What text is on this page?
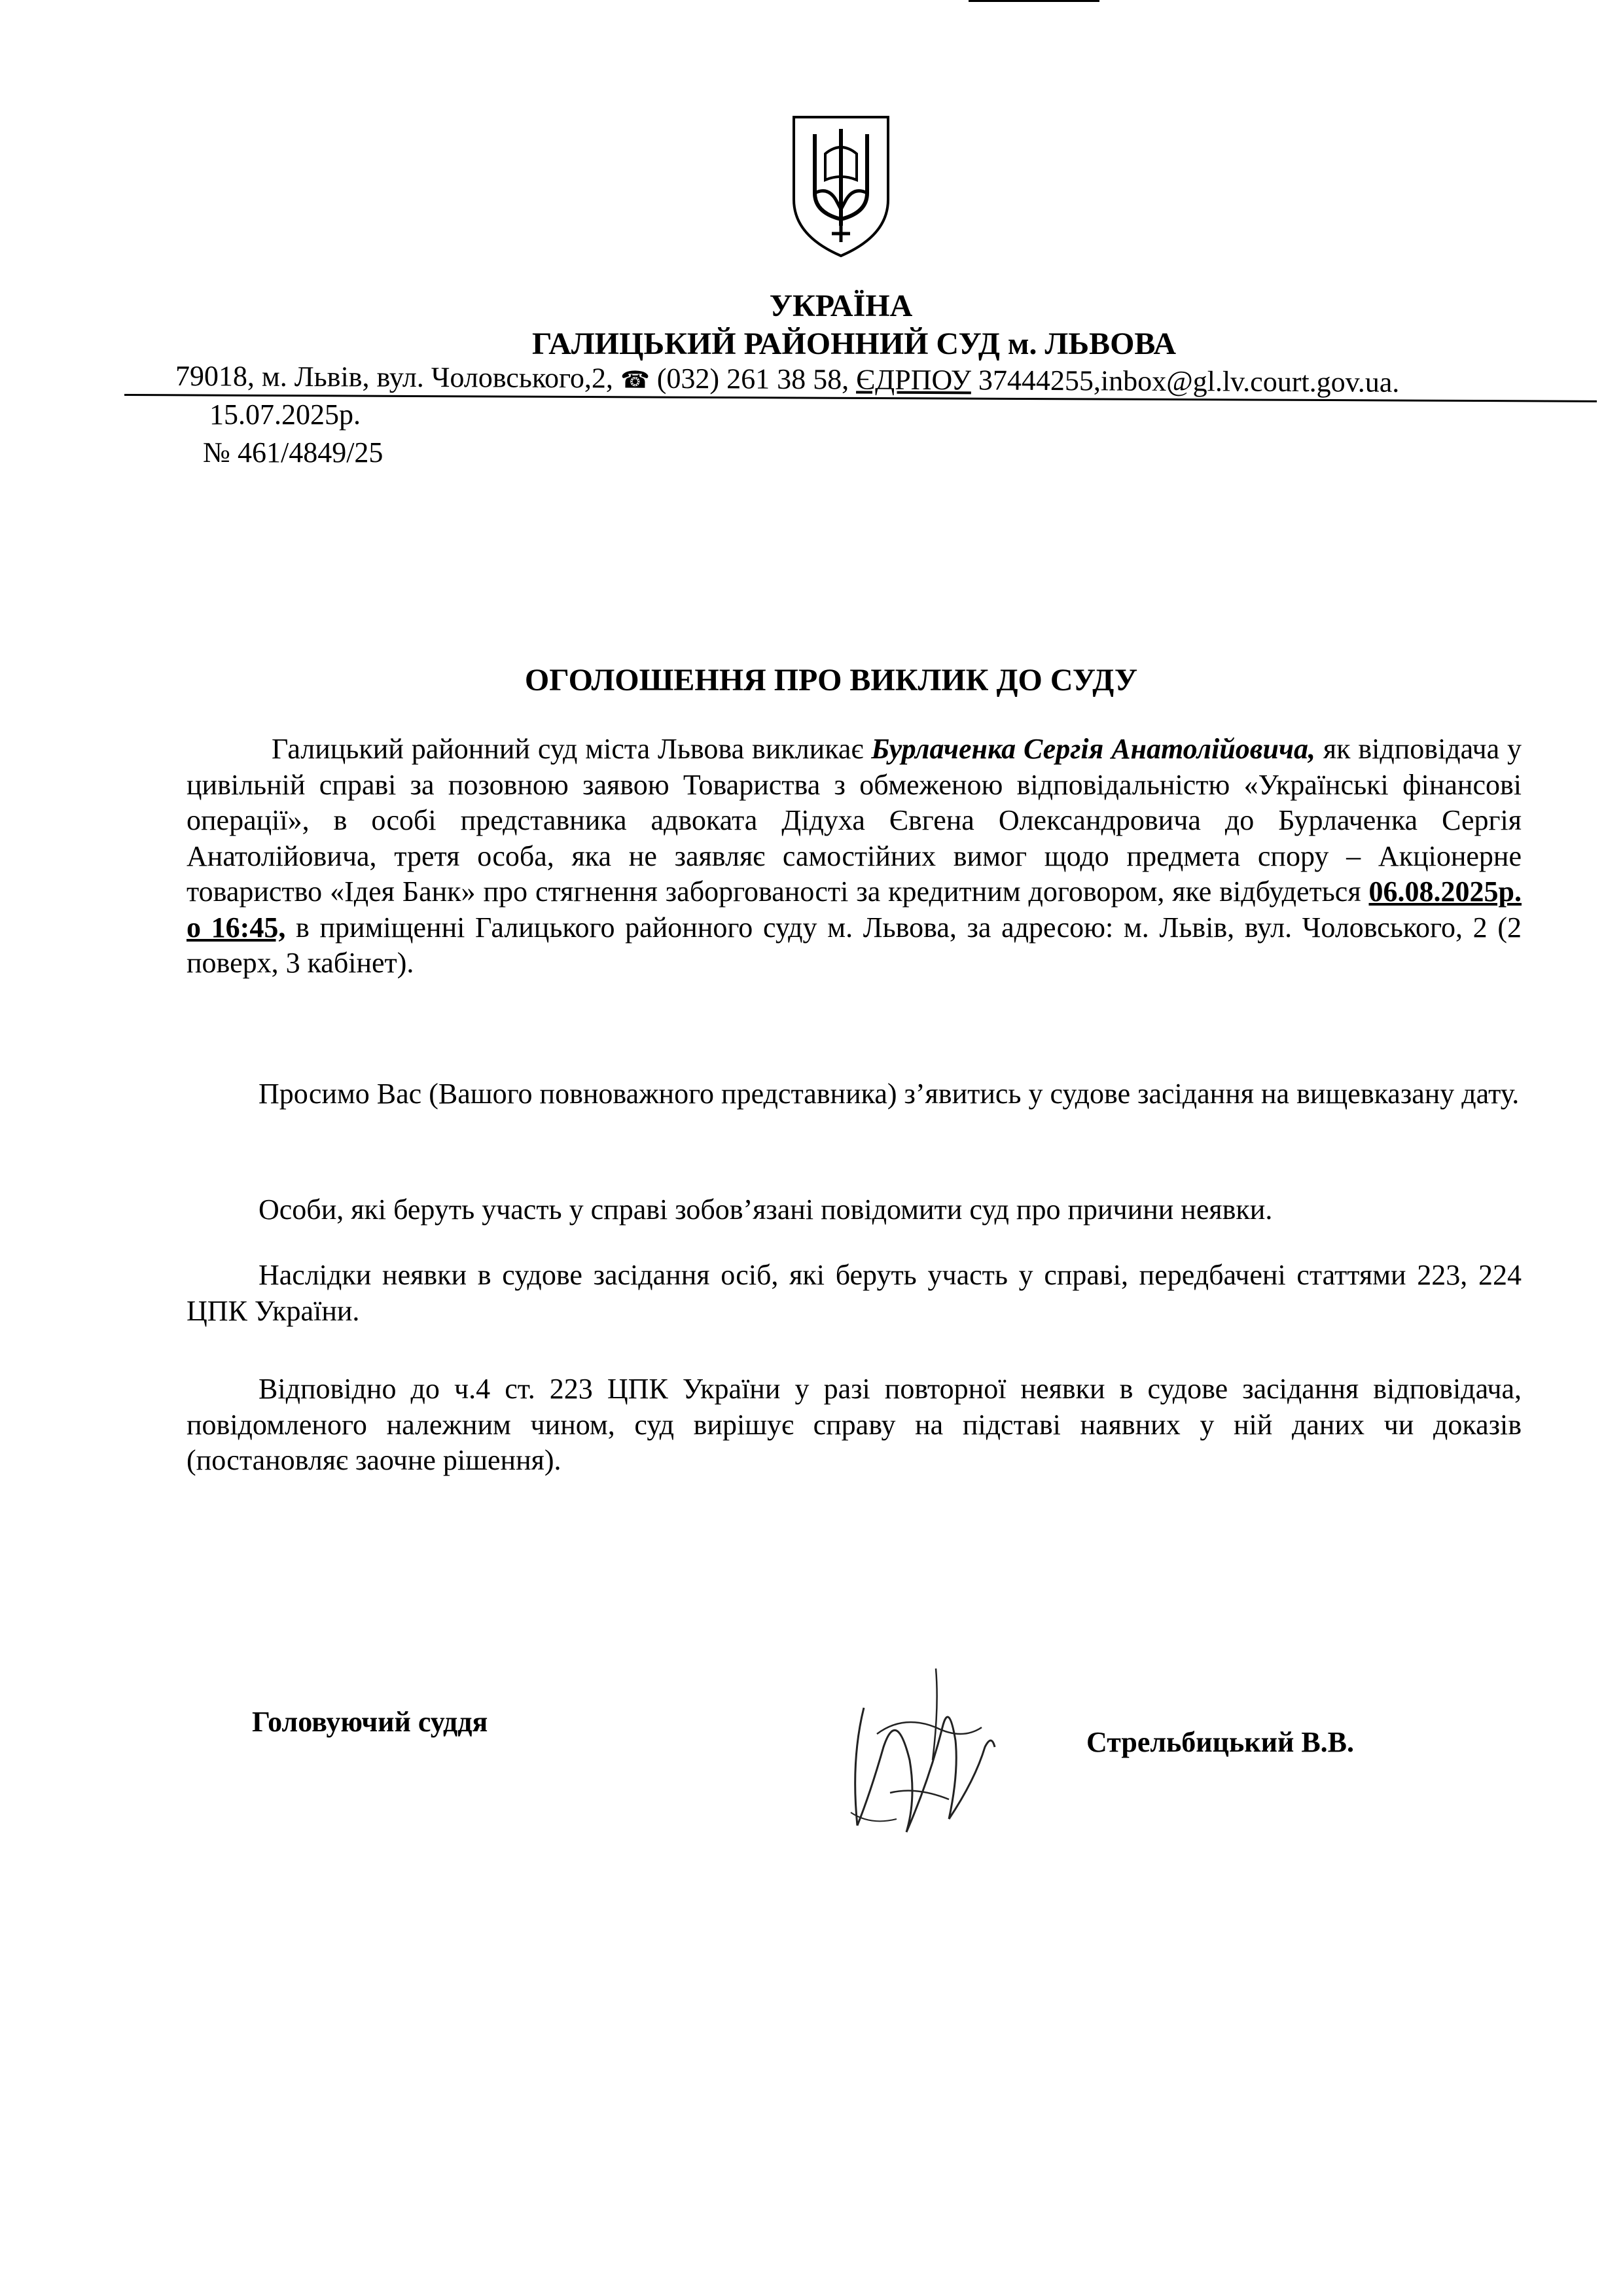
УКРАЇНА
ГАЛИЦЬКИЙ РАЙОННИЙ СУД м. ЛЬВОВА
79018, м. Львів, вул. Чоловського,2, ☎ (032) 261 38 58, ЄДРПОУ 37444255,inbox@gl.lv.court.gov.ua.
15.07.2025р.
№ 461/4849/25
ОГОЛОШЕННЯ ПРО ВИКЛИК ДО СУДУ

Галицький районний суд міста Львова викликає Бурлаченка Сергія Анатолійовича, як відповідача у цивільній справі за позовною заявою Товариства з обмеженою відповідальністю «Українські фінансові операції», в особі представника адвоката Дідуха Євгена Олександровича до Бурлаченка Сергія Анатолійовича, третя особа, яка не заявляє самостійних вимог щодо предмета спору – Акціонерне товариство «Ідея Банк» про стягнення заборгованості за кредитним договором, яке відбудеться 06.08.2025р. о 16:45, в приміщенні Галицького районного суду м. Львова, за адресою: м. Львів, вул. Чоловського, 2 (2 поверх, 3 кабінет).

Просимо Вас (Вашого повноважного представника) з’явитись у судове засідання на вищевказану дату.

Особи, які беруть участь у справі зобов’язані повідомити суд про причини неявки.

Наслідки неявки в судове засідання осіб, які беруть участь у справі, передбачені статтями 223, 224 ЦПК України.

Відповідно до ч.4 ст. 223 ЦПК України у разі повторної неявки в судове засідання відповідача, повідомленого належним чином, суд вирішує справу на підставі наявних у ній даних чи доказів (постановляє заочне рішення).

Головуючий суддя
Стрельбицький В.В.
